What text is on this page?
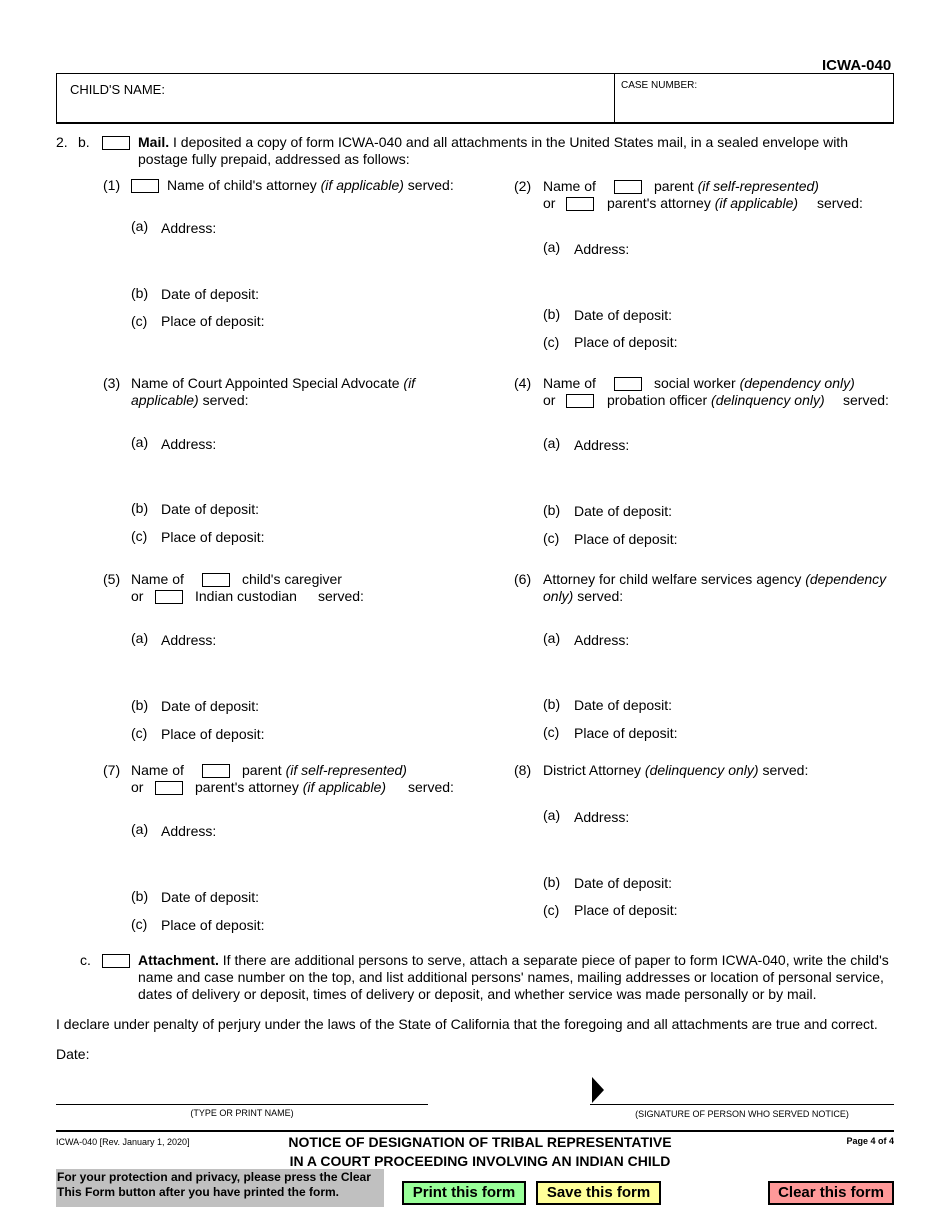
ICWA-040
CHILD'S NAME:	CASE NUMBER:
2. b.	Mail. I deposited a copy of form ICWA-040 and all attachments in the United States mail, in a sealed envelope with
postage fully prepaid, addressed as follows:
(1)	Name of child's attorney (if applicable) served:
(a) Address:
(b) Date of deposit:
(c) Place of deposit:
(2) Name of	parent (if self-represented)
or	parent's attorney (if applicable) served:
(a) Address:
(b) Date of deposit:
(c) Place of deposit:
(3) Name of Court Appointed Special Advocate (if
applicable) served:
(a) Address:
(b) Date of deposit:
(c) Place of deposit:
(4) Name of	social worker (dependency only)
or	probation officer (delinquency only) served:
(a) Address:
(b) Date of deposit:
(c) Place of deposit:
(5) Name of	child's caregiver
or	Indian custodian served:
(a) Address:
(b) Date of deposit:
(c) Place of deposit:
(6) Attorney for child welfare services agency (dependency
only) served:
(a) Address:
(b) Date of deposit:
(c) Place of deposit:
(7) Name of	parent (if self-represented)
or	parent's attorney (if applicable) served:
(a) Address:
(b) Date of deposit:
(c) Place of deposit:
(8) District Attorney (delinquency only) served:
(a) Address:
(b) Date of deposit:
(c) Place of deposit:
c.	Attachment. If there are additional persons to serve, attach a separate piece of paper to form ICWA-040, write the child's
name and case number on the top, and list additional persons' names, mailing addresses or location of personal service,
dates of delivery or deposit, times of delivery or deposit, and whether service was made personally or by mail.
I declare under penalty of perjury under the laws of the State of California that the foregoing and all attachments are true and correct.
Date:
(TYPE OR PRINT NAME)	(SIGNATURE OF PERSON WHO SERVED NOTICE)
ICWA-040 [Rev. January 1, 2020]	NOTICE OF DESIGNATION OF TRIBAL REPRESENTATIVE
IN A COURT PROCEEDING INVOLVING AN INDIAN CHILD
Page 4 of 4
For your protection and privacy, please press the Clear
This Form button after you have printed the form.	Print this form	Save this form	Clear this form
